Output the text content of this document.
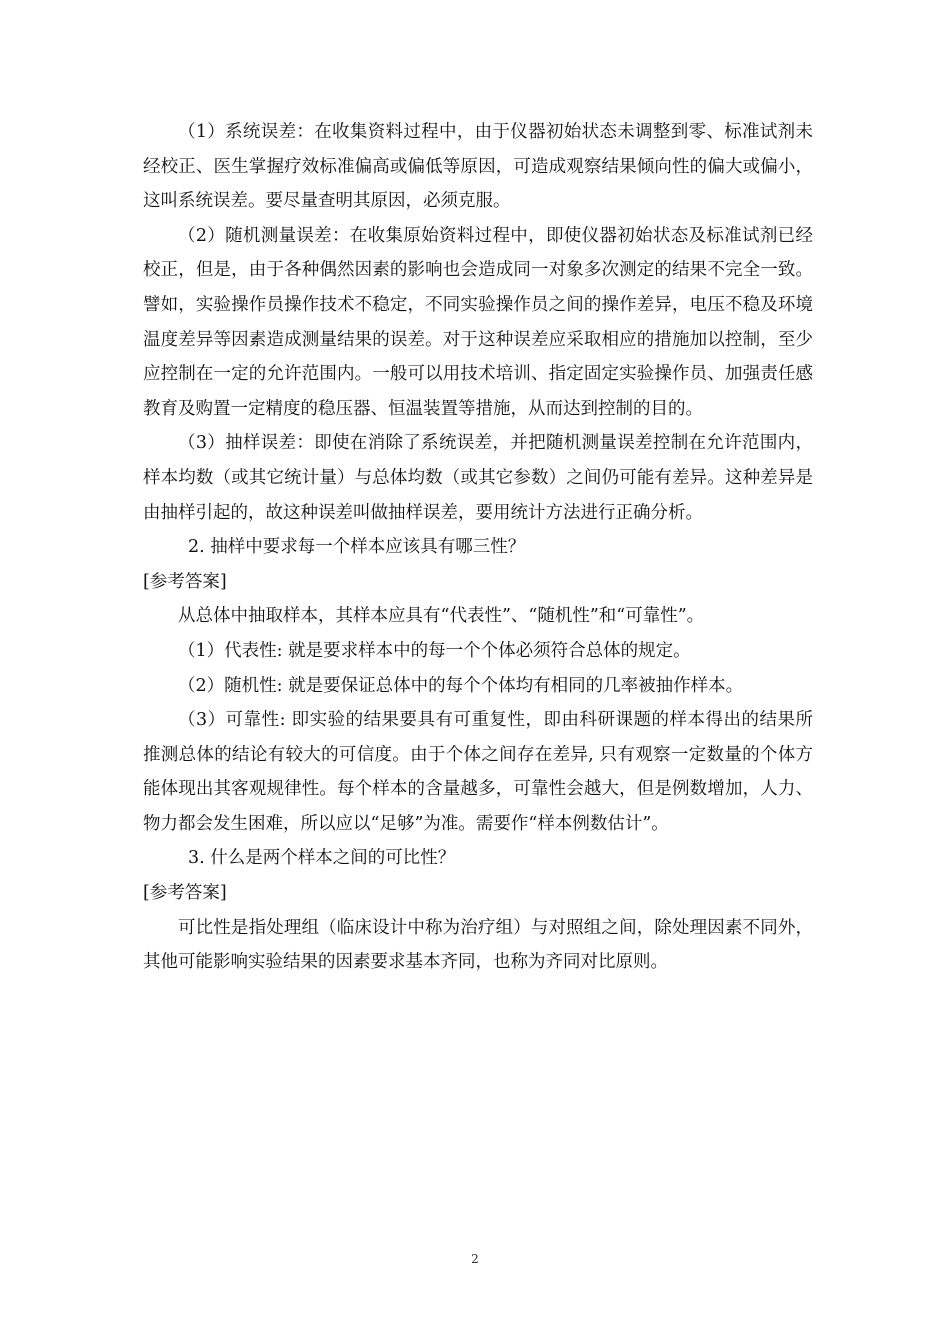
（1）系统误差：在收集资料过程中，由于仪器初始状态未调整到零、标准试剂未经校正、医生掌握疗效标准偏高或偏低等原因，可造成观察结果倾向性的偏大或偏小，这叫系统误差。要尽量查明其原因，必须克服。

（2）随机测量误差：在收集原始资料过程中，即使仪器初始状态及标准试剂已经校正，但是，由于各种偶然因素的影响也会造成同一对象多次测定的结果不完全一致。譬如，实验操作员操作技术不稳定，不同实验操作员之间的操作差异，电压不稳及环境温度差异等因素造成测量结果的误差。对于这种误差应采取相应的措施加以控制，至少应控制在一定的允许范围内。一般可以用技术培训、指定固定实验操作员、加强责任感教育及购置一定精度的稳压器、恒温装置等措施，从而达到控制的目的。

（3）抽样误差：即使在消除了系统误差，并把随机测量误差控制在允许范围内，样本均数（或其它统计量）与总体均数（或其它参数）之间仍可能有差异。这种差异是由抽样引起的，故这种误差叫做抽样误差，要用统计方法进行正确分析。

2. 抽样中要求每一个样本应该具有哪三性？

[参考答案]

从总体中抽取样本，其样本应具有“代表性”、“随机性”和“可靠性”。

（1）代表性: 就是要求样本中的每一个个体必须符合总体的规定。

（2）随机性: 就是要保证总体中的每个个体均有相同的几率被抽作样本。

（3）可靠性: 即实验的结果要具有可重复性，即由科研课题的样本得出的结果所推测总体的结论有较大的可信度。由于个体之间存在差异, 只有观察一定数量的个体方能体现出其客观规律性。每个样本的含量越多，可靠性会越大，但是例数增加，人力、物力都会发生困难，所以应以“足够”为准。需要作“样本例数估计”。

3. 什么是两个样本之间的可比性？

[参考答案]

可比性是指处理组（临床设计中称为治疗组）与对照组之间，除处理因素不同外，其他可能影响实验结果的因素要求基本齐同，也称为齐同对比原则。

2
